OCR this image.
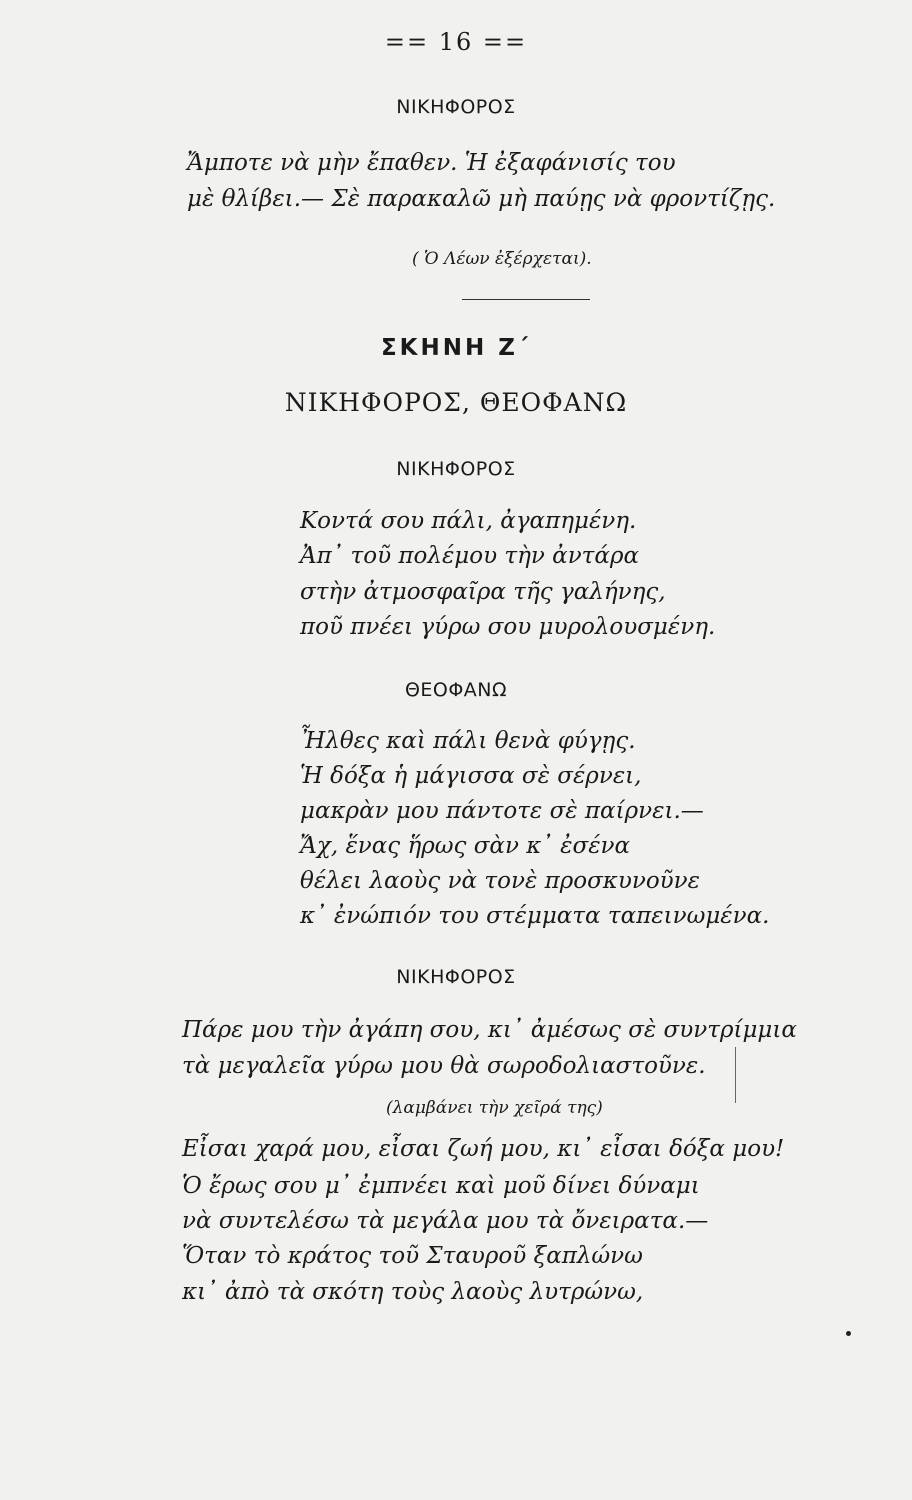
== 16 ==
ΝΙΚΗΦΟΡΟΣ
Ἄμποτε νὰ μὴν ἔπαθεν. Ἡ ἐξαφάνισίς του
μὲ θλίβει.— Σὲ παρακαλῶ μὴ παύῃς νὰ φροντίζῃς.
( Ὁ Λέων ἐξέρχεται).
ΣΚΗΝΗ Ζ΄
ΝΙΚΗΦΟΡΟΣ, ΘΕΟΦΑΝΩ
ΝΙΚΗΦΟΡΟΣ
Κοντά σου πάλι, ἀγαπημένη.
Ἀπ᾽ τοῦ πολέμου τὴν ἀντάρα
στὴν ἀτμοσφαῖρα τῆς γαλήνης,
ποῦ πνέει γύρω σου μυρολουσμένη.
ΘΕΟΦΑΝΩ
Ἦλθες καὶ πάλι θενὰ φύγῃς.
Ἡ δόξα ἡ μάγισσα σὲ σέρνει,
μακρὰν μου πάντοτε σὲ παίρνει.—
Ἄχ, ἕνας ἥρως σὰν κ᾽ ἐσένα
θέλει λαοὺς νὰ τονὲ προσκυνοῦνε
κ᾽ ἐνώπιόν του στέμματα ταπεινωμένα.
ΝΙΚΗΦΟΡΟΣ
Πάρε μου τὴν ἀγάπη σου, κι᾽ ἀμέσως σὲ συντρίμμια
τὰ μεγαλεῖα γύρω μου θὰ σωροδολιαστοῦνε.
(λαμβάνει τὴν χεῖρά της)
Εἶσαι χαρά μου, εἶσαι ζωή μου, κι᾽ εἶσαι δόξα μου!
Ὁ ἔρως σου μ᾽ ἐμπνέει καὶ μοῦ δίνει δύναμι
νὰ συντελέσω τὰ μεγάλα μου τὰ ὄνειρατα.—
Ὅταν τὸ κράτος τοῦ Σταυροῦ ξαπλώνω
κι᾽ ἀπὸ τὰ σκότη τοὺς λαοὺς λυτρώνω,
